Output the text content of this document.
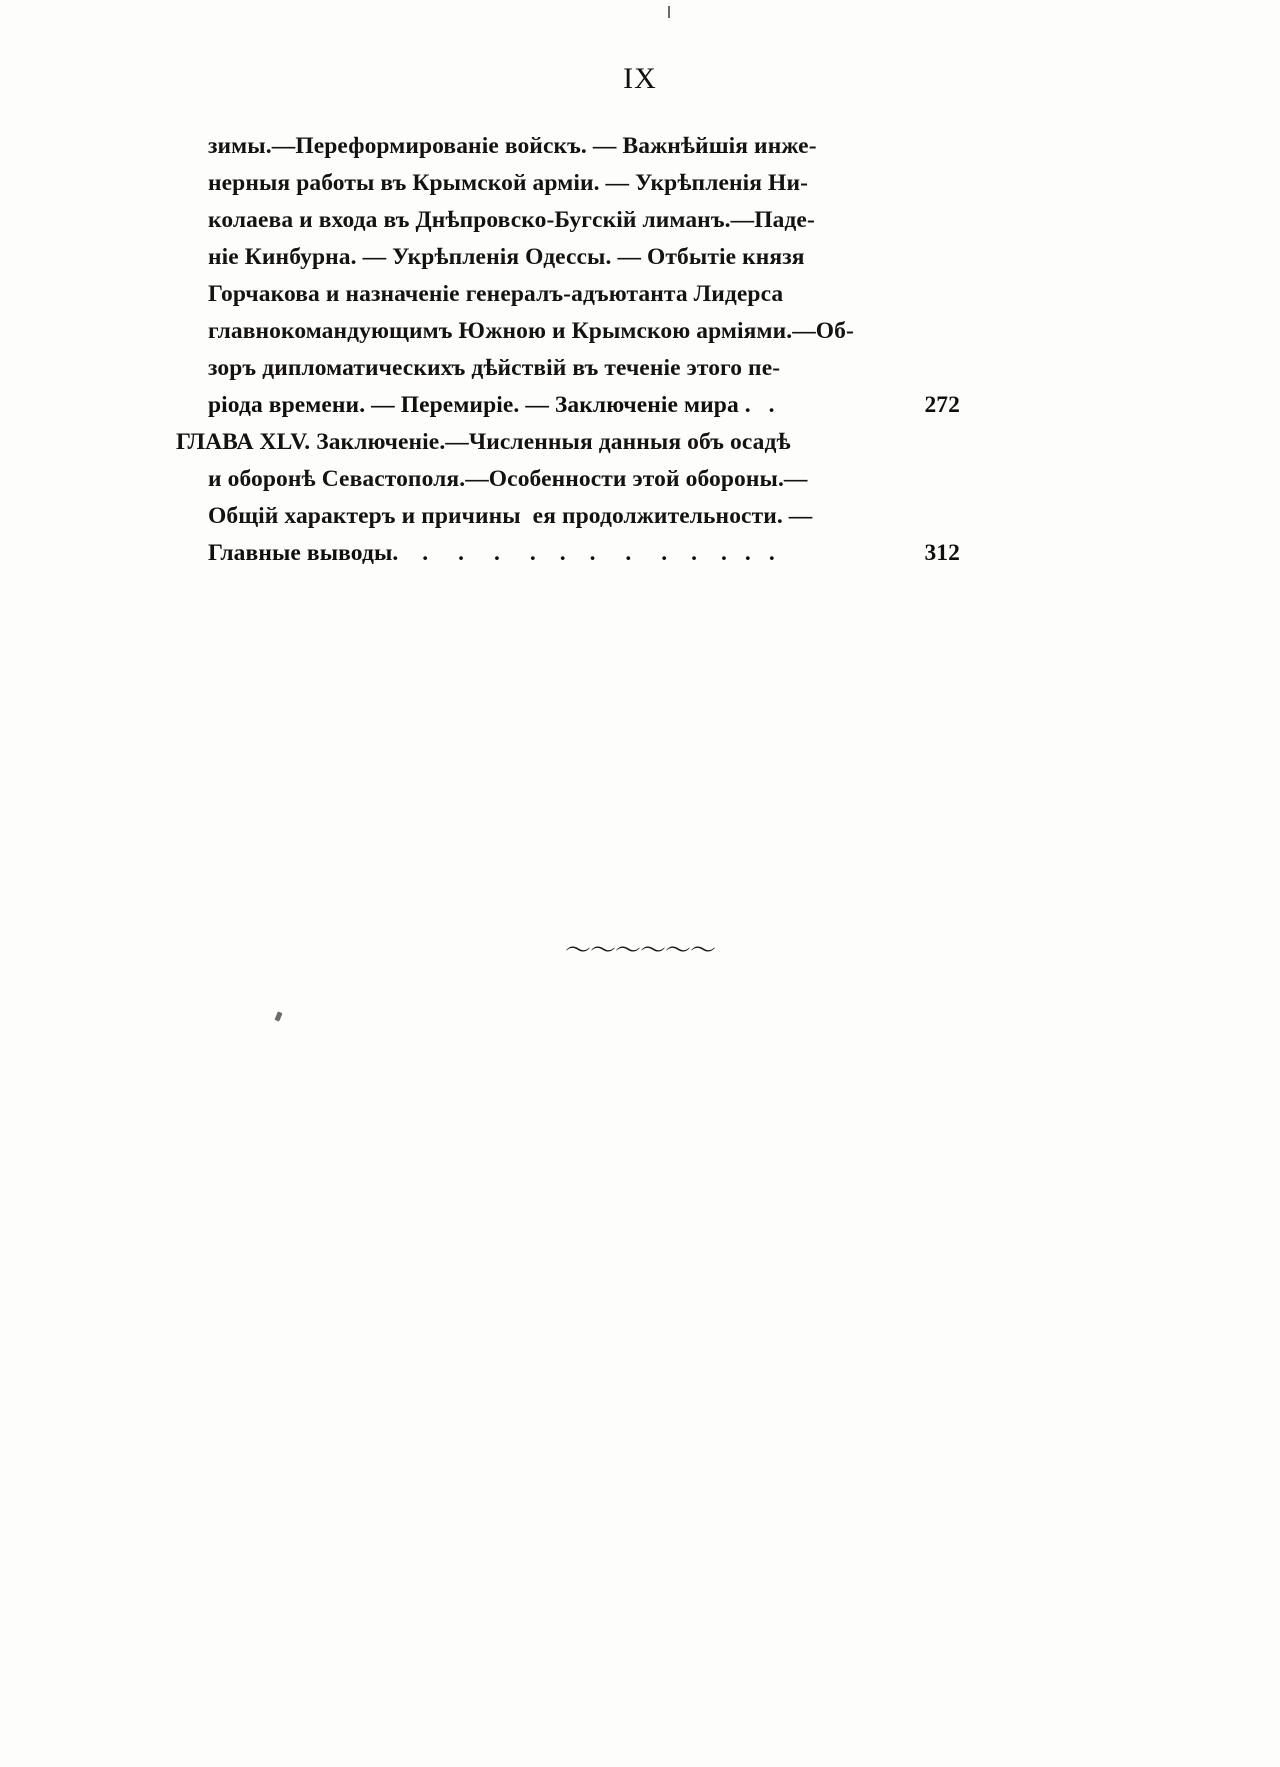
IX
зимы.—Переформированiе войскъ. — Важнѣйшiя инже-
нерныя работы въ Крымской армiи. — Укрѣпленiя Ни-
колаева и входа въ Днѣпровско-Бугскiй лиманъ.—Паде-
нiе Кинбурна. — Укрѣпленiя Одессы. — Отбытiе князя
Горчакова и назначенiе генералъ-адъютанта Лидерса
главнокомандующимъ Южною и Крымскою армiями.—Об-
зоръ дипломатическихъ дѣйствiй въ теченiе этого пе-
рiода времени. — Перемирiе. — Заключенiе мира .   .	272
ГЛАВА XLV. Заключенiе.—Численныя данныя объ осадѣ
и оборонѣ Севастополя.—Особенности этой обороны.—
Общiй характеръ и причины  ея продолжительности. —
Главные выводы.    .     .     .     .    .    .     .     .    .    .   .   .	312
〜〜〜〜〜〜
